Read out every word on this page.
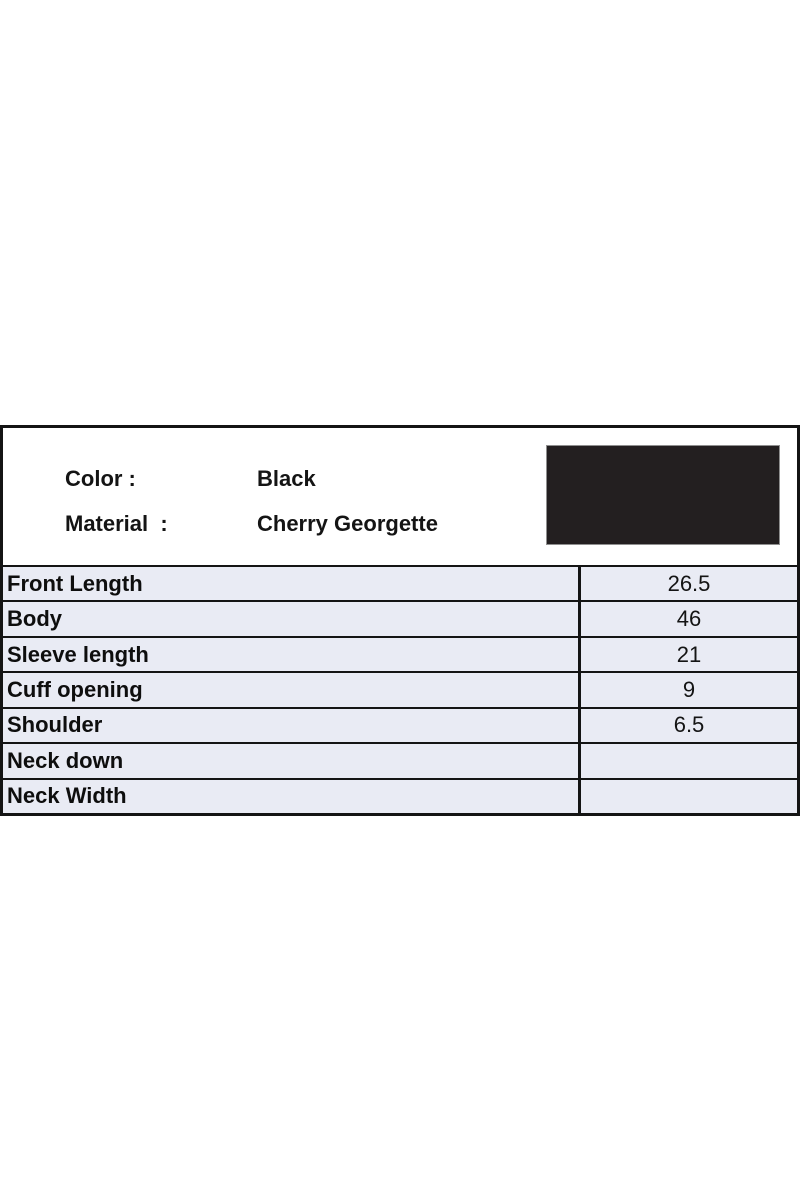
Color :	Black
Material  :	Cherry Georgette
Front Length	26.5
Body	46
Sleeve length	21
Cuff opening	9
Shoulder	6.5
Neck down
Neck Width
